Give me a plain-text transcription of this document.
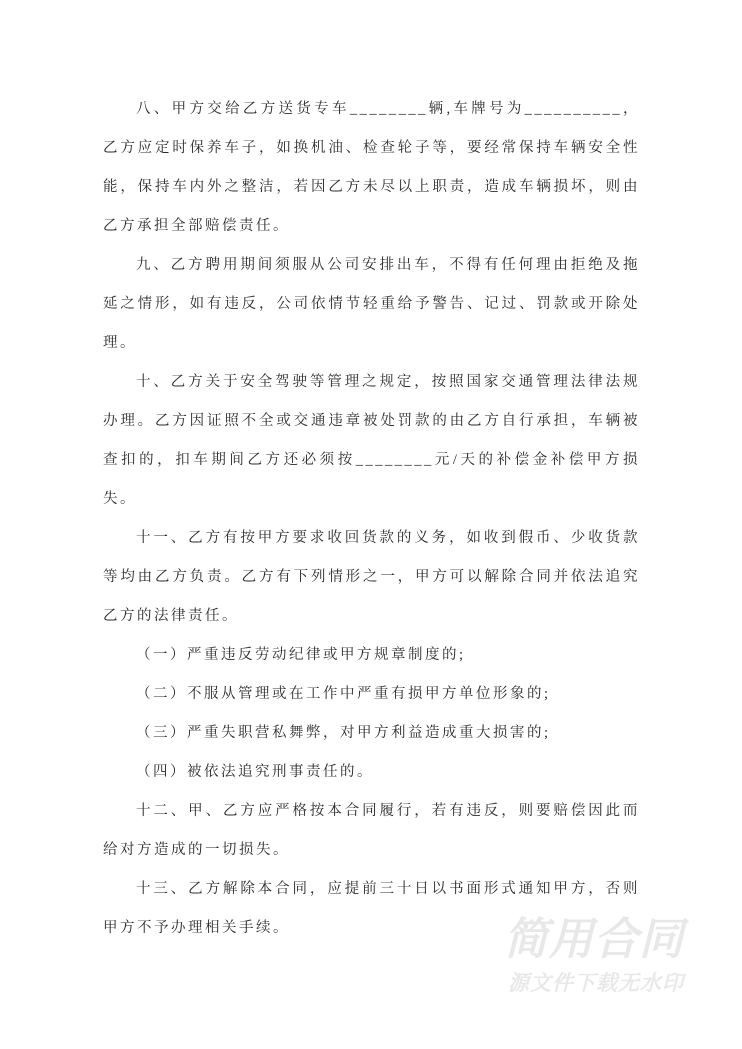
八、甲方交给乙方送货专车________辆,车牌号为__________，乙方应定时保养车子，如换机油、检查轮子等，要经常保持车辆安全性能，保持车内外之整洁，若因乙方未尽以上职责，造成车辆损坏，则由乙方承担全部赔偿责任。

九、乙方聘用期间须服从公司安排出车，不得有任何理由拒绝及拖延之情形，如有违反，公司依情节轻重给予警告、记过、罚款或开除处理。

十、乙方关于安全驾驶等管理之规定，按照国家交通管理法律法规办理。乙方因证照不全或交通违章被处罚款的由乙方自行承担，车辆被查扣的，扣车期间乙方还必须按________元/天的补偿金补偿甲方损失。

十一、乙方有按甲方要求收回货款的义务，如收到假币、少收货款等均由乙方负责。乙方有下列情形之一，甲方可以解除合同并依法追究乙方的法律责任。

（一）严重违反劳动纪律或甲方规章制度的;

（二）不服从管理或在工作中严重有损甲方单位形象的;

（三）严重失职营私舞弊，对甲方利益造成重大损害的;

（四）被依法追究刑事责任的。

十二、甲、乙方应严格按本合同履行，若有违反，则要赔偿因此而给对方造成的一切损失。

十三、乙方解除本合同，应提前三十日以书面形式通知甲方，否则甲方不予办理相关手续。	简用合同
源文件下载无水印
